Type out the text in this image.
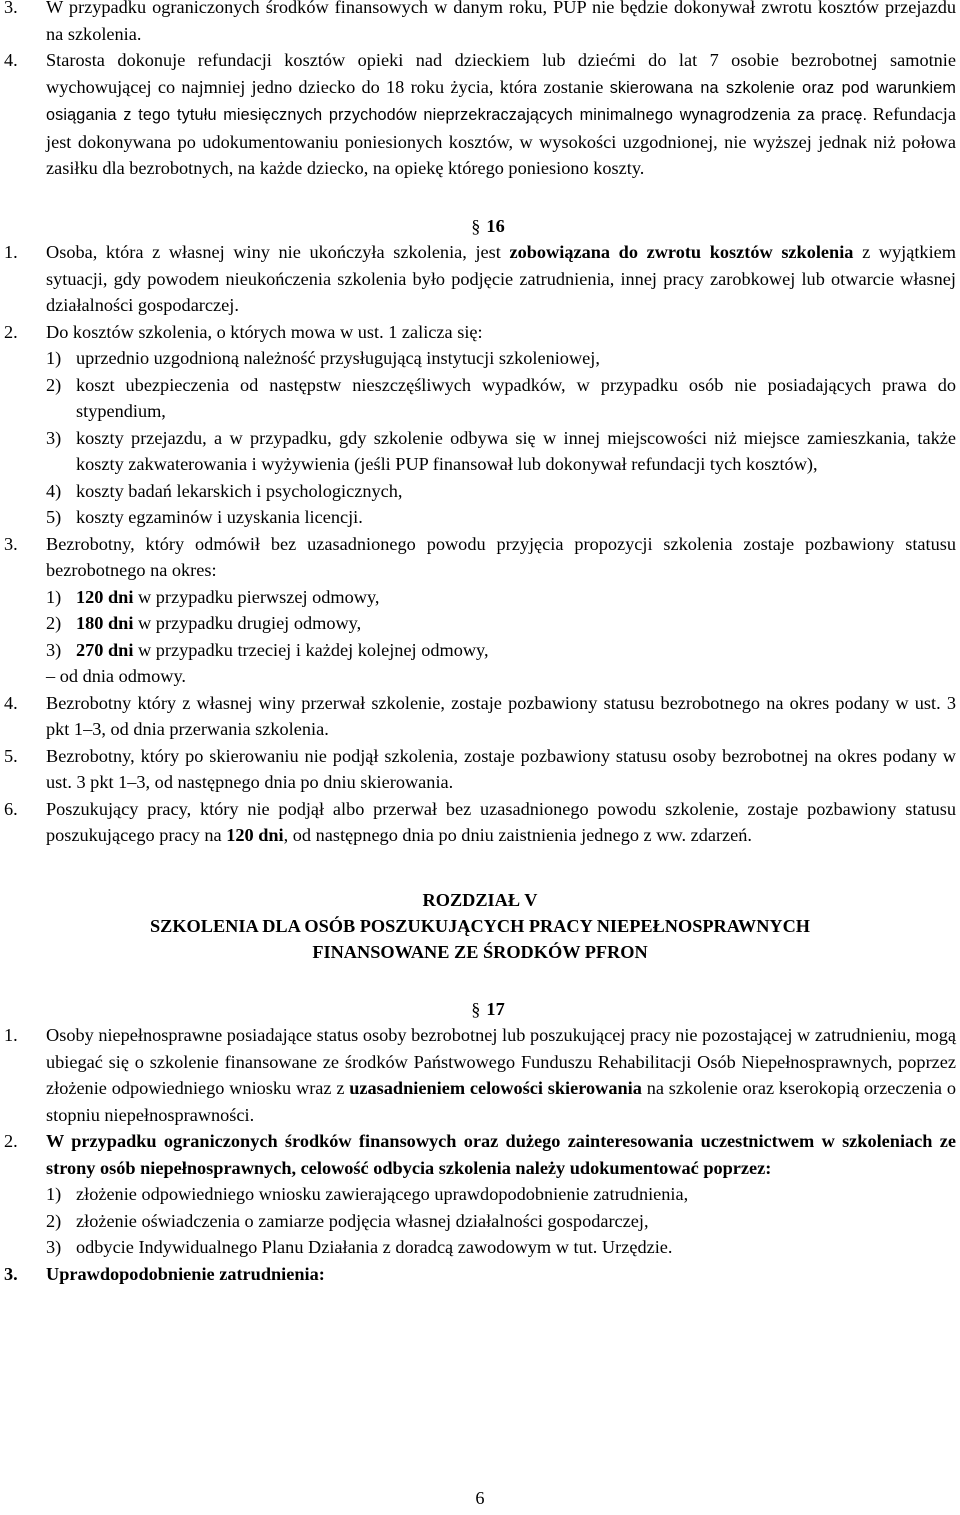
3. W przypadku ograniczonych środków finansowych w danym roku, PUP nie będzie dokonywał zwrotu kosztów przejazdu na szkolenia.
4. Starosta dokonuje refundacji kosztów opieki nad dzieckiem lub dziećmi do lat 7 osobie bezrobotnej samotnie wychowującej co najmniej jedno dziecko do 18 roku życia, która zostanie skierowana na szkolenie oraz pod warunkiem osiągania z tego tytułu miesięcznych przychodów nieprzekraczających minimalnego wynagrodzenia za pracę. Refundacja jest dokonywana po udokumentowaniu poniesionych kosztów, w wysokości uzgodnionej, nie wyższej jednak niż połowa zasiłku dla bezrobotnych, na każde dziecko, na opiekę którego poniesiono koszty.
§ 16
1. Osoba, która z własnej winy nie ukończyła szkolenia, jest zobowiązana do zwrotu kosztów szkolenia z wyjątkiem sytuacji, gdy powodem nieukończenia szkolenia było podjęcie zatrudnienia, innej pracy zarobkowej lub otwarcie własnej działalności gospodarczej.
2. Do kosztów szkolenia, o których mowa w ust. 1 zalicza się:
1) uprzednio uzgodnioną należność przysługującą instytucji szkoleniowej,
2) koszt ubezpieczenia od następstw nieszczęśliwych wypadków, w przypadku osób nie posiadających prawa do stypendium,
3) koszty przejazdu, a w przypadku, gdy szkolenie odbywa się w innej miejscowości niż miejsce zamieszkania, także koszty zakwaterowania i wyżywienia (jeśli PUP finansował lub dokonywał refundacji tych kosztów),
4) koszty badań lekarskich i psychologicznych,
5) koszty egzaminów i uzyskania licencji.
3. Bezrobotny, który odmówił bez uzasadnionego powodu przyjęcia propozycji szkolenia zostaje pozbawiony statusu bezrobotnego na okres:
1) 120 dni w przypadku pierwszej odmowy,
2) 180 dni w przypadku drugiej odmowy,
3) 270 dni w przypadku trzeciej i każdej kolejnej odmowy,
– od dnia odmowy.
4. Bezrobotny który z własnej winy przerwał szkolenie, zostaje pozbawiony statusu bezrobotnego na okres podany w ust. 3 pkt 1–3, od dnia przerwania szkolenia.
5. Bezrobotny, który po skierowaniu nie podjął szkolenia, zostaje pozbawiony statusu osoby bezrobotnej na okres podany w ust. 3 pkt 1–3, od następnego dnia po dniu skierowania.
6. Poszukujący pracy, który nie podjął albo przerwał bez uzasadnionego powodu szkolenie, zostaje pozbawiony statusu poszukującego pracy na 120 dni, od następnego dnia po dniu zaistnienia jednego z ww. zdarzeń.
ROZDZIAŁ V
SZKOLENIA DLA OSÓB POSZUKUJĄCYCH PRACY NIEPEŁNOSPRAWNYCH
FINANSOWANE ZE ŚRODKÓW PFRON
§ 17
1. Osoby niepełnosprawne posiadające status osoby bezrobotnej lub poszukującej pracy nie pozostającej w zatrudnieniu, mogą ubiegać się o szkolenie finansowane ze środków Państwowego Funduszu Rehabilitacji Osób Niepełnosprawnych, poprzez złożenie odpowiedniego wniosku wraz z uzasadnieniem celowości skierowania na szkolenie oraz kserokopią orzeczenia o stopniu niepełnosprawności.
2. W przypadku ograniczonych środków finansowych oraz dużego zainteresowania uczestnictwem w szkoleniach ze strony osób niepełnosprawnych, celowość odbycia szkolenia należy udokumentować poprzez:
1) złożenie odpowiedniego wniosku zawierającego uprawdopodobnienie zatrudnienia,
2) złożenie oświadczenia o zamiarze podjęcia własnej działalności gospodarczej,
3) odbycie Indywidualnego Planu Działania z doradcą zawodowym w tut. Urzędzie.
3. Uprawdopodobnienie zatrudnienia:
6
